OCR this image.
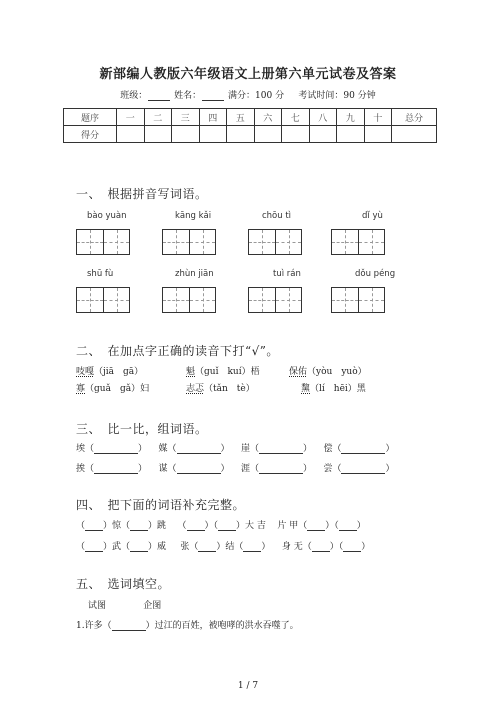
新部编人教版六年级语文上册第六单元试卷及答案
班级：	姓名：	满分：100 分 考试时间：90 分钟
题序	一	二	三	四	五	六	七	八	九	十	总分
得分											
一、　根据拼音写词语。
bào yuàn	kāng kǎi	chōu tì	dǐ yù
shū fù	zhùn jiān	tuì rán	dǒu péng
二、　在加点字正确的读音下打“√”。
吱嘎（jiā　gā）	魁（guǐ　kuí）梧	保佑（yòu　yuò）
寡（guǎ　gǎ）妇	志忑（tǎn　tè）	黧（lí　hēi）黑
三、　比一比，组词语。
埃（	） 媒（	） 崖（	） 偿（	）
挨（	） 谋（	） 涯（	） 尝（	）
四、　把下面的词语补充完整。
（ ）惊（ ）跳 （ ）（ ）大 吉 片 甲（ ）（ ）
（ ）武（ ）威 张（ ）结（ ） 身 无（ ）（ ）
五、　选词填空。
试图	企图
1.许多（	）过江的百姓，被咆哮的洪水吞噬了。
1 / 7
